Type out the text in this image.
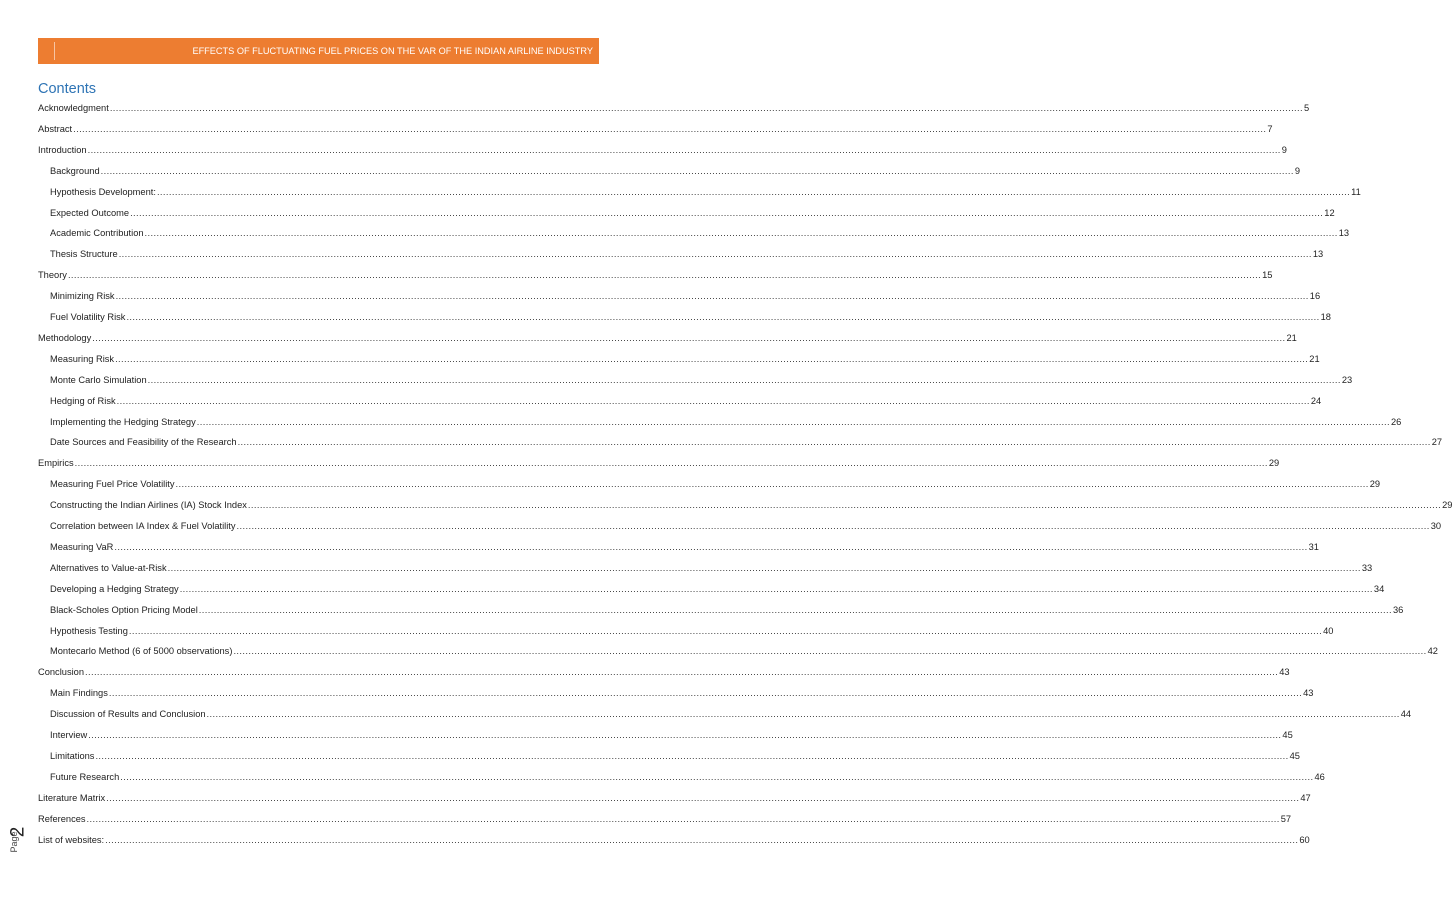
EFFECTS OF FLUCTUATING FUEL PRICES ON THE VAR OF THE INDIAN AIRLINE INDUSTRY
Contents
Acknowledgment ................................................................................................................................................................................................................................................................................................................................................................................................................ 5
Abstract ................................................................................................................................................................................................................................................................................................................................................................................................................ 7
Introduction ................................................................................................................................................................................................................................................................................................................................................................................................................ 9
Background ................................................................................................................................................................................................................................................................................................................................................................................................................ 9
Hypothesis Development: ................................................................................................................................................................................................................................................................................................................................................................................................................ 11
Expected Outcome ................................................................................................................................................................................................................................................................................................................................................................................................................ 12
Academic Contribution ................................................................................................................................................................................................................................................................................................................................................................................................................ 13
Thesis Structure ................................................................................................................................................................................................................................................................................................................................................................................................................ 13
Theory ................................................................................................................................................................................................................................................................................................................................................................................................................ 15
Minimizing Risk ................................................................................................................................................................................................................................................................................................................................................................................................................ 16
Fuel Volatility Risk ................................................................................................................................................................................................................................................................................................................................................................................................................ 18
Methodology ................................................................................................................................................................................................................................................................................................................................................................................................................ 21
Measuring Risk ................................................................................................................................................................................................................................................................................................................................................................................................................ 21
Monte Carlo Simulation ................................................................................................................................................................................................................................................................................................................................................................................................................ 23
Hedging of Risk ................................................................................................................................................................................................................................................................................................................................................................................................................ 24
Implementing the Hedging Strategy ................................................................................................................................................................................................................................................................................................................................................................................................................ 26
Date Sources and Feasibility of the Research ................................................................................................................................................................................................................................................................................................................................................................................................................ 27
Empirics ................................................................................................................................................................................................................................................................................................................................................................................................................ 29
Measuring Fuel Price Volatility ................................................................................................................................................................................................................................................................................................................................................................................................................ 29
Constructing the Indian Airlines (IA) Stock Index ................................................................................................................................................................................................................................................................................................................................................................................................................ 29
Correlation between IA Index & Fuel Volatility ................................................................................................................................................................................................................................................................................................................................................................................................................ 30
Measuring VaR ................................................................................................................................................................................................................................................................................................................................................................................................................ 31
Alternatives to Value-at-Risk ................................................................................................................................................................................................................................................................................................................................................................................................................ 33
Developing a Hedging Strategy ................................................................................................................................................................................................................................................................................................................................................................................................................ 34
Black-Scholes Option Pricing Model ................................................................................................................................................................................................................................................................................................................................................................................................................ 36
Hypothesis Testing ................................................................................................................................................................................................................................................................................................................................................................................................................ 40
Montecarlo Method (6 of 5000 observations) ................................................................................................................................................................................................................................................................................................................................................................................................................ 42
Conclusion ................................................................................................................................................................................................................................................................................................................................................................................................................ 43
Main Findings ................................................................................................................................................................................................................................................................................................................................................................................................................ 43
Discussion of Results and Conclusion ................................................................................................................................................................................................................................................................................................................................................................................................................ 44
Interview ................................................................................................................................................................................................................................................................................................................................................................................................................ 45
Limitations ................................................................................................................................................................................................................................................................................................................................................................................................................ 45
Future Research ................................................................................................................................................................................................................................................................................................................................................................................................................ 46
Literature Matrix ................................................................................................................................................................................................................................................................................................................................................................................................................ 47
References ................................................................................................................................................................................................................................................................................................................................................................................................................ 57
List of websites: ................................................................................................................................................................................................................................................................................................................................................................................................................ 60
Page
2
